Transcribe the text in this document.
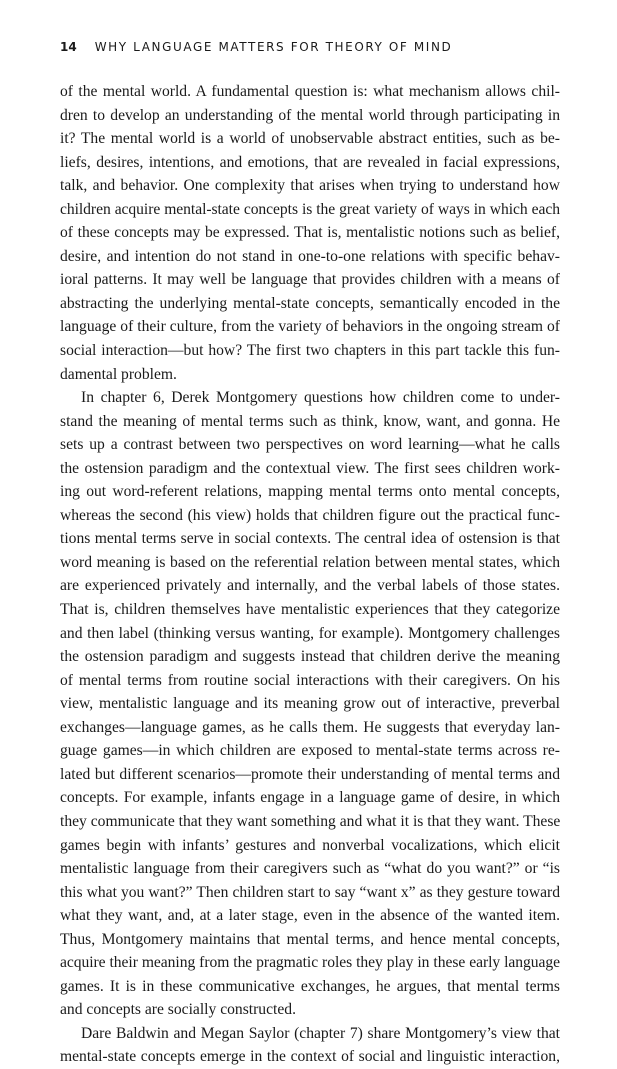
14 WHY LANGUAGE MATTERS FOR THEORY OF MIND
of the mental world. A fundamental question is: what mechanism allows chil-
dren to develop an understanding of the mental world through participating in
it? The mental world is a world of unobservable abstract entities, such as be-
liefs, desires, intentions, and emotions, that are revealed in facial expressions,
talk, and behavior. One complexity that arises when trying to understand how
children acquire mental-state concepts is the great variety of ways in which each
of these concepts may be expressed. That is, mentalistic notions such as belief,
desire, and intention do not stand in one-to-one relations with specific behav-
ioral patterns. It may well be language that provides children with a means of
abstracting the underlying mental-state concepts, semantically encoded in the
language of their culture, from the variety of behaviors in the ongoing stream of
social interaction—but how? The first two chapters in this part tackle this fun-
damental problem.
In chapter 6, Derek Montgomery questions how children come to under-
stand the meaning of mental terms such as think, know, want, and gonna. He
sets up a contrast between two perspectives on word learning—what he calls
the ostension paradigm and the contextual view. The first sees children work-
ing out word-referent relations, mapping mental terms onto mental concepts,
whereas the second (his view) holds that children figure out the practical func-
tions mental terms serve in social contexts. The central idea of ostension is that
word meaning is based on the referential relation between mental states, which
are experienced privately and internally, and the verbal labels of those states.
That is, children themselves have mentalistic experiences that they categorize
and then label (thinking versus wanting, for example). Montgomery challenges
the ostension paradigm and suggests instead that children derive the meaning
of mental terms from routine social interactions with their caregivers. On his
view, mentalistic language and its meaning grow out of interactive, preverbal
exchanges—language games, as he calls them. He suggests that everyday lan-
guage games—in which children are exposed to mental-state terms across re-
lated but different scenarios—promote their understanding of mental terms and
concepts. For example, infants engage in a language game of desire, in which
they communicate that they want something and what it is that they want. These
games begin with infants’ gestures and nonverbal vocalizations, which elicit
mentalistic language from their caregivers such as “what do you want?” or “is
this what you want?” Then children start to say “want x” as they gesture toward
what they want, and, at a later stage, even in the absence of the wanted item.
Thus, Montgomery maintains that mental terms, and hence mental concepts,
acquire their meaning from the pragmatic roles they play in these early language
games. It is in these communicative exchanges, he argues, that mental terms
and concepts are socially constructed.
Dare Baldwin and Megan Saylor (chapter 7) share Montgomery’s view that
mental-state concepts emerge in the context of social and linguistic interaction,
